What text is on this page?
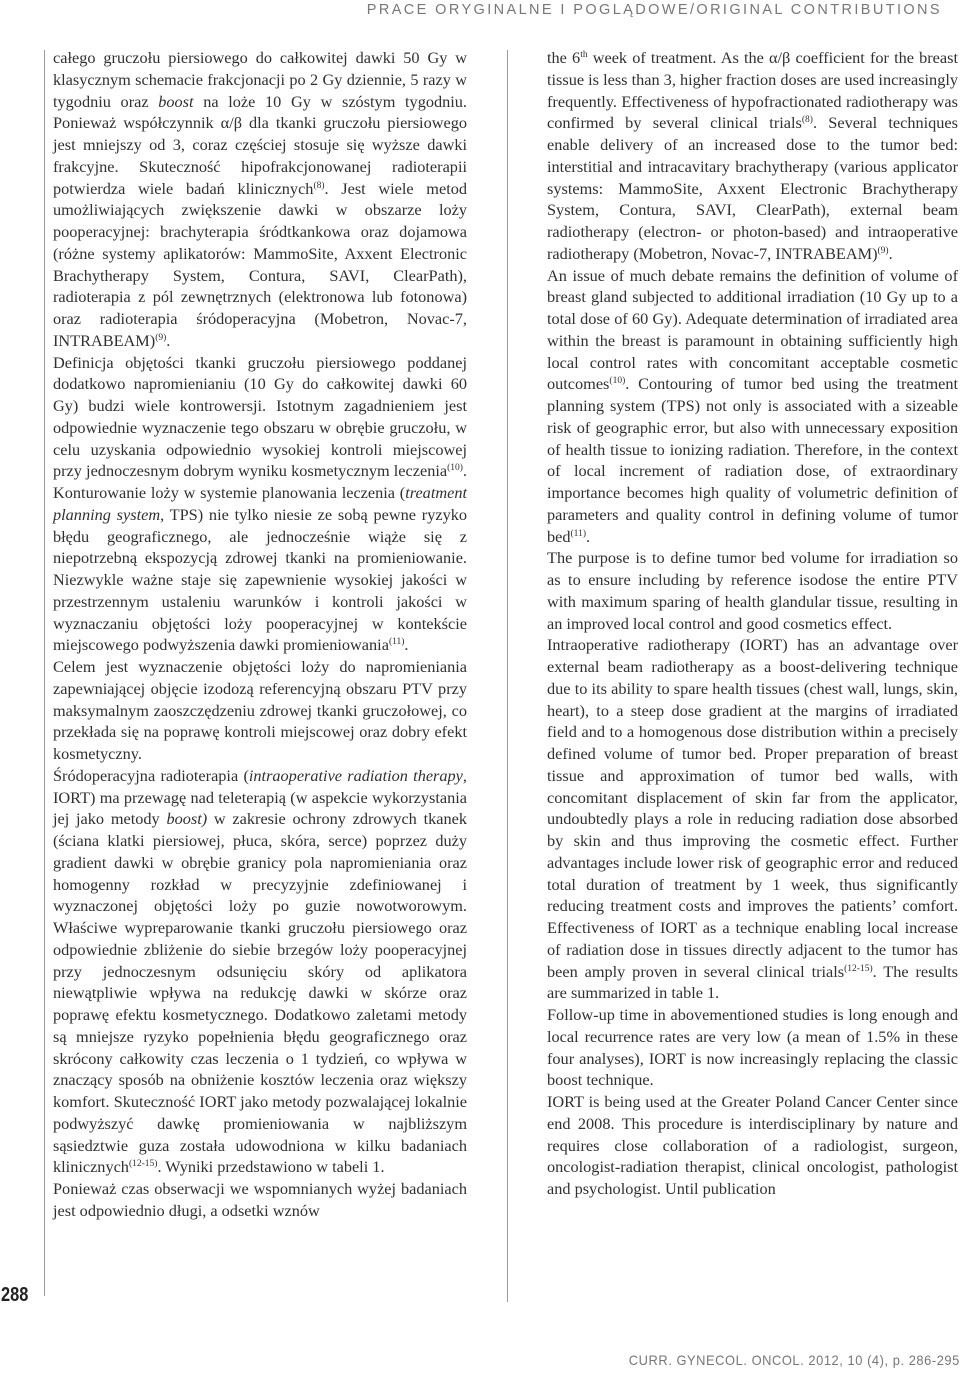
PRACE ORYGINALNE I POGLĄDOWE/ORIGINAL CONTRIBUTIONS
288

całego gruczołu piersiowego do całkowitej dawki 50 Gy w klasycznym schemacie frakcjonacji po 2 Gy dziennie, 5 razy w tygodniu oraz boost na loże 10 Gy w szóstym tygodniu. Ponieważ współczynnik α/β dla tkanki gruczołu piersiowego jest mniejszy od 3, coraz częściej stosuje się wyższe dawki frakcyjne. Skuteczność hipofrakcjonowanej radioterapii potwierdza wiele badań klinicznych$^{(8)}$. Jest wiele metod umożliwiających zwiększenie dawki w obszarze loży pooperacyjnej: brachyterapia śródtkankowa oraz dojamowa (różne systemy aplikatorów: MammoSite, Axxent Electronic Brachytherapy System, Contura, SAVI, ClearPath), radioterapia z pól zewnętrznych (elektronowa lub fotonowa) oraz radioterapia śródoperacyjna (Mobetron, Novac-7, INTRABEAM)$^{(9)}$.

Definicja objętości tkanki gruczołu piersiowego poddanej dodatkowo napromienianiu (10 Gy do całkowitej dawki 60 Gy) budzi wiele kontrowersji. Istotnym zagadnieniem jest odpowiednie wyznaczenie tego obszaru w obrębie gruczołu, w celu uzyskania odpowiednio wysokiej kontroli miejscowej przy jednoczesnym dobrym wyniku kosmetycznym leczenia$^{(10)}$. Konturowanie loży w systemie planowania leczenia (treatment planning system, TPS) nie tylko niesie ze sobą pewne ryzyko błędu geograficznego, ale jednocześnie wiąże się z niepotrzebną ekspozycją zdrowej tkanki na promieniowanie. Niezwykle ważne staje się zapewnienie wysokiej jakości w przestrzennym ustaleniu warunków i kontroli jakości w wyznaczaniu objętości loży pooperacyjnej w kontekście miejscowego podwyższenia dawki promieniowania$^{(11)}$.

Celem jest wyznaczenie objętości loży do napromieniania zapewniającej objęcie izodozą referencyjną obszaru PTV przy maksymalnym zaoszczędzeniu zdrowej tkanki gruczołowej, co przekłada się na poprawę kontroli miejscowej oraz dobry efekt kosmetyczny.

Śródoperacyjna radioterapia (intraoperative radiation therapy, IORT) ma przewagę nad teleterapią (w aspekcie wykorzystania jej jako metody boost) w zakresie ochrony zdrowych tkanek (ściana klatki piersiowej, płuca, skóra, serce) poprzez duży gradient dawki w obrębie granicy pola napromieniania oraz homogenny rozkład w precyzyjnie zdefiniowanej i wyznaczonej objętości loży po guzie nowotworowym. Właściwe wypreparowanie tkanki gruczołu piersiowego oraz odpowiednie zbliżenie do siebie brzegów loży pooperacyjnej przy jednoczesnym odsunięciu skóry od aplikatora niewątpliwie wpływa na redukcję dawki w skórze oraz poprawę efektu kosmetycznego. Dodatkowo zaletami metody są mniejsze ryzyko popełnienia błędu geograficznego oraz skrócony całkowity czas leczenia o 1 tydzień, co wpływa w znaczący sposób na obniżenie kosztów leczenia oraz większy komfort. Skuteczność IORT jako metody pozwalającej lokalnie podwyższyć dawkę promieniowania w najbliższym sąsiedztwie guza została udowodniona w kilku badaniach klinicznych$^{(12-15)}$. Wyniki przedstawiono w tabeli 1.

Ponieważ czas obserwacji we wspomnianych wyżej badaniach jest odpowiednio długi, a odsetki wznów

the 6th week of treatment. As the α/β coefficient for the breast tissue is less than 3, higher fraction doses are used increasingly frequently. Effectiveness of hypofractionated radiotherapy was confirmed by several clinical trials$^{(8)}$. Several techniques enable delivery of an increased dose to the tumor bed: interstitial and intracavitary brachytherapy (various applicator systems: MammoSite, Axxent Electronic Brachytherapy System, Contura, SAVI, ClearPath), external beam radiotherapy (electron- or photon-based) and intraoperative radiotherapy (Mobetron, Novac-7, INTRABEAM)$^{(9)}$.

An issue of much debate remains the definition of volume of breast gland subjected to additional irradiation (10 Gy up to a total dose of 60 Gy). Adequate determination of irradiated area within the breast is paramount in obtaining sufficiently high local control rates with concomitant acceptable cosmetic outcomes$^{(10)}$. Contouring of tumor bed using the treatment planning system (TPS) not only is associated with a sizeable risk of geographic error, but also with unnecessary exposition of health tissue to ionizing radiation. Therefore, in the context of local increment of radiation dose, of extraordinary importance becomes high quality of volumetric definition of parameters and quality control in defining volume of tumor bed$^{(11)}$.

The purpose is to define tumor bed volume for irradiation so as to ensure including by reference isodose the entire PTV with maximum sparing of health glandular tissue, resulting in an improved local control and good cosmetics effect.

Intraoperative radiotherapy (IORT) has an advantage over external beam radiotherapy as a boost-delivering technique due to its ability to spare health tissues (chest wall, lungs, skin, heart), to a steep dose gradient at the margins of irradiated field and to a homogenous dose distribution within a precisely defined volume of tumor bed. Proper preparation of breast tissue and approximation of tumor bed walls, with concomitant displacement of skin far from the applicator, undoubtedly plays a role in reducing radiation dose absorbed by skin and thus improving the cosmetic effect. Further advantages include lower risk of geographic error and reduced total duration of treatment by 1 week, thus significantly reducing treatment costs and improves the patients’ comfort. Effectiveness of IORT as a technique enabling local increase of radiation dose in tissues directly adjacent to the tumor has been amply proven in several clinical trials$^{(12-15)}$. The results are summarized in table 1.

Follow-up time in abovementioned studies is long enough and local recurrence rates are very low (a mean of 1.5% in these four analyses), IORT is now increasingly replacing the classic boost technique.

IORT is being used at the Greater Poland Cancer Center since end 2008. This procedure is interdisciplinary by nature and requires close collaboration of a radiologist, surgeon, oncologist-radiation therapist, clinical oncologist, pathologist and psychologist. Until publication

CURR. GYNECOL. ONCOL. 2012, 10 (4), p. 286-295
